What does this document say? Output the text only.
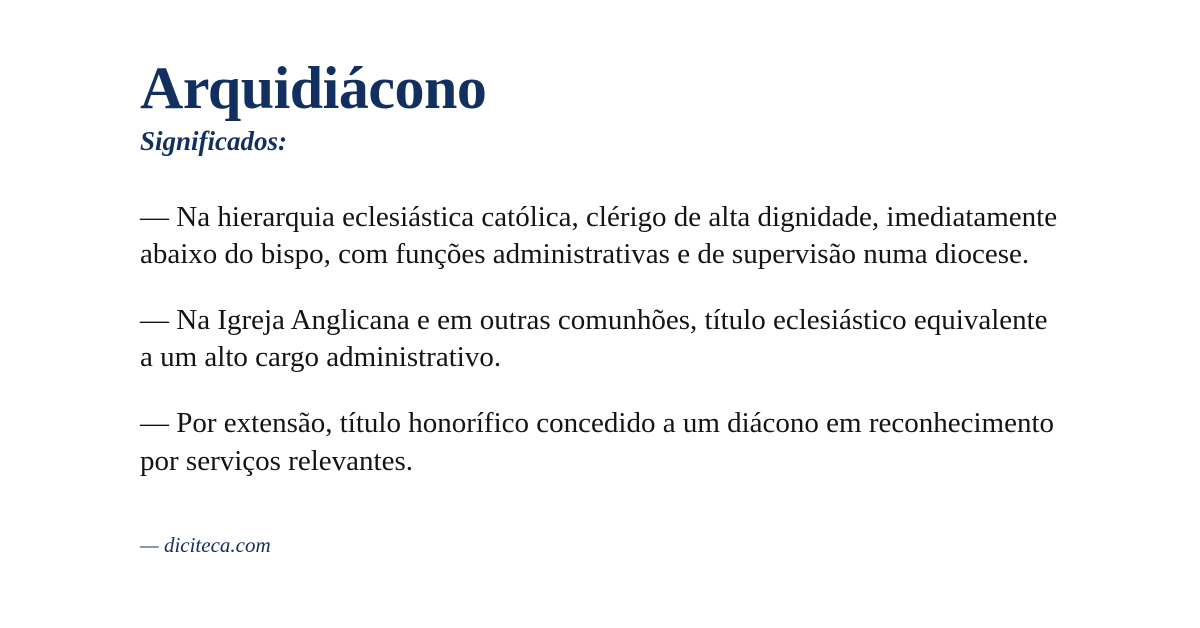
Arquidiácono
Significados:

— Na hierarquia eclesiástica católica, clérigo de alta dignidade, imediatamente abaixo do bispo, com funções administrativas e de supervisão numa diocese.

— Na Igreja Anglicana e em outras comunhões, título eclesiástico equivalente a um alto cargo administrativo.

— Por extensão, título honorífico concedido a um diácono em reconhecimento por serviços relevantes.

— diciteca.com
